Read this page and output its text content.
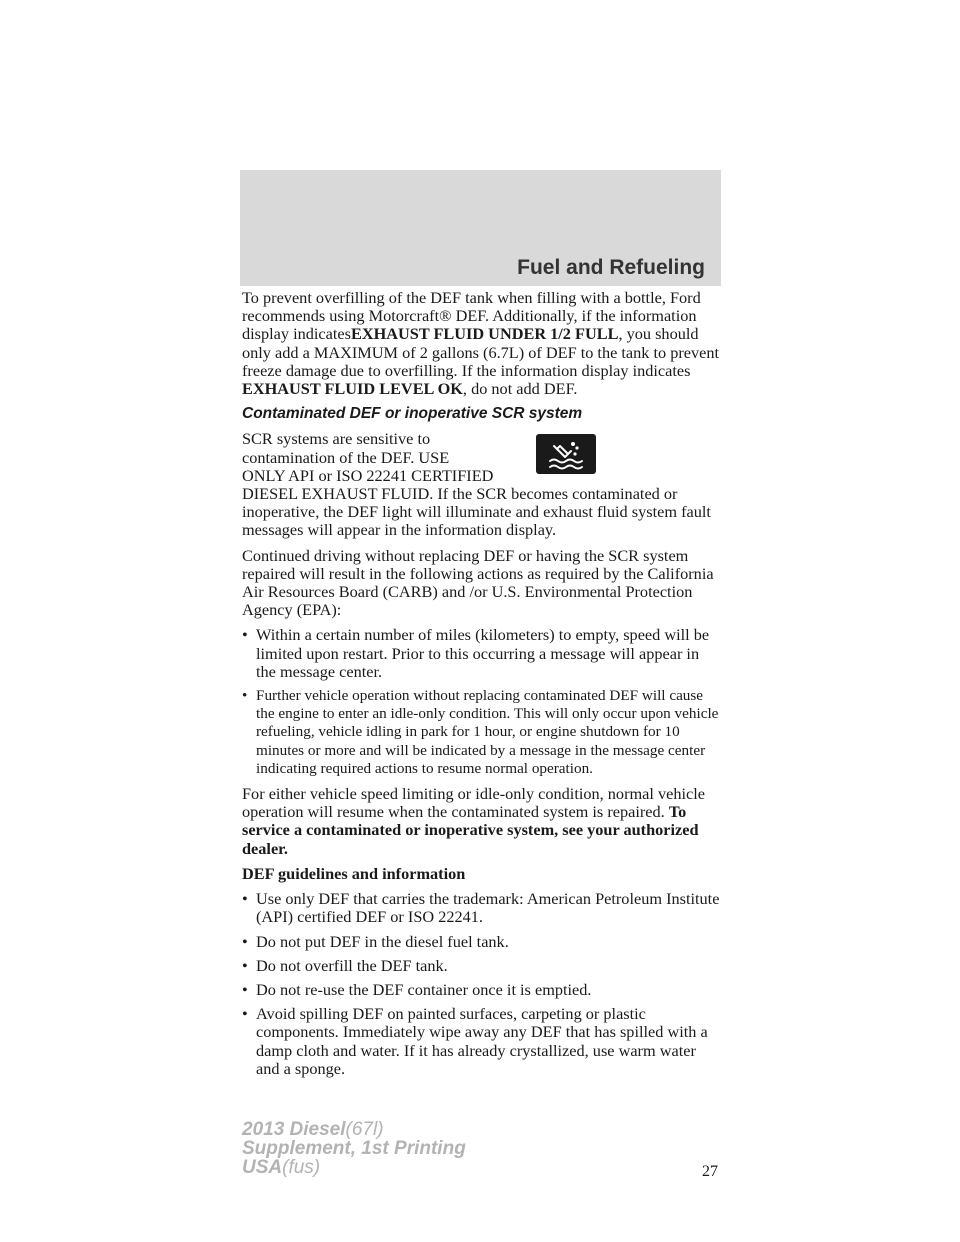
Fuel and Refueling

To prevent overfilling of the DEF tank when filling with a bottle, Ford recommends using Motorcraft® DEF. Additionally, if the information display indicatesEXHAUST FLUID UNDER 1/2 FULL, you should only add a MAXIMUM of 2 gallons (6.7L) of DEF to the tank to prevent freeze damage due to overfilling. If the information display indicates EXHAUST FLUID LEVEL OK, do not add DEF.

Contaminated DEF or inoperative SCR system

SCR systems are sensitive to
contamination of the DEF. USE
ONLY API or ISO 22241 CERTIFIED
DIESEL EXHAUST FLUID. If the SCR becomes contaminated or inoperative, the DEF light will illuminate and exhaust fluid system fault messages will appear in the information display.

Continued driving without replacing DEF or having the SCR system repaired will result in the following actions as required by the California Air Resources Board (CARB) and /or U.S. Environmental Protection Agency (EPA):

• Within a certain number of miles (kilometers) to empty, speed will be limited upon restart. Prior to this occurring a message will appear in the message center.
• Further vehicle operation without replacing contaminated DEF will cause the engine to enter an idle-only condition. This will only occur upon vehicle refueling, vehicle idling in park for 1 hour, or engine shutdown for 10 minutes or more and will be indicated by a message in the message center indicating required actions to resume normal operation.

For either vehicle speed limiting or idle-only condition, normal vehicle operation will resume when the contaminated system is repaired. To service a contaminated or inoperative system, see your authorized dealer.

DEF guidelines and information
• Use only DEF that carries the trademark: American Petroleum Institute (API) certified DEF or ISO 22241.
• Do not put DEF in the diesel fuel tank.
• Do not overfill the DEF tank.
• Do not re-use the DEF container once it is emptied.
• Avoid spilling DEF on painted surfaces, carpeting or plastic components. Immediately wipe away any DEF that has spilled with a damp cloth and water. If it has already crystallized, use warm water and a sponge.
27
2013 Diesel(67l)
Supplement, 1st Printing
USA(fus)
